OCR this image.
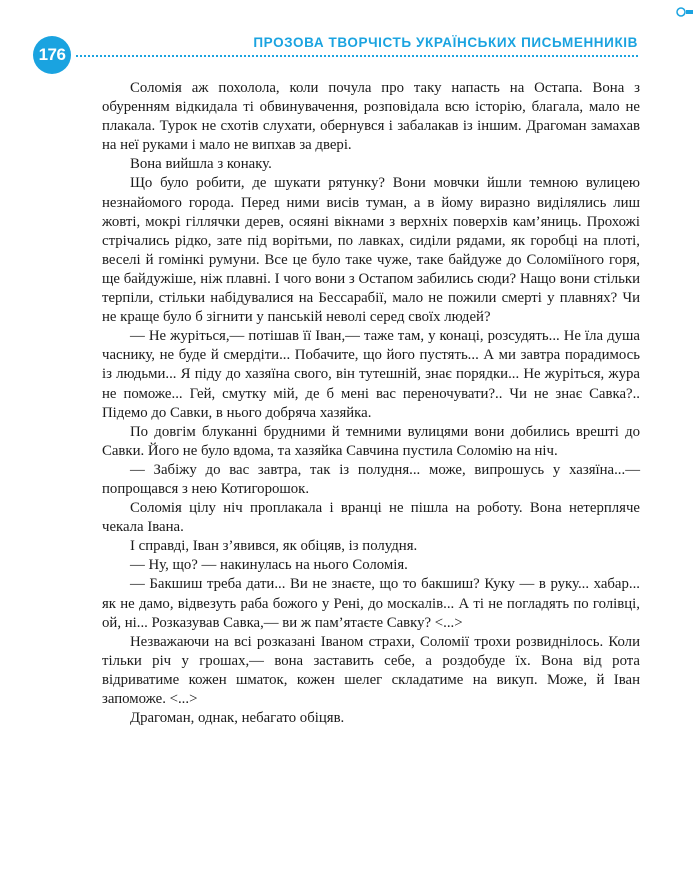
176
ПРОЗОВА ТВОРЧІСТЬ УКРАЇНСЬКИХ ПИСЬМЕННИКІВ

Соломія аж похолола, коли почула про таку напасть на Остапа. Вона з обуренням відкидала ті обвинувачення, розповідала всю історію, благала, мало не плакала. Турок не схотів слухати, обернувся і забалакав із іншим. Драгоман замахав на неї руками і мало не випхав за двері.

Вона вийшла з конаку.

Що було робити, де шукати рятунку? Вони мовчки йшли темною вулицею незнайомого города. Перед ними висів туман, а в йому виразно виділялись лиш жовті, мокрі гіллячки дерев, осяяні вікнами з верхніх поверхів кам’яниць. Прохожі стрічались рідко, зате під ворітьми, по лавках, сиділи рядами, як горобці на плоті, веселі й гомінкі румуни. Все це було таке чуже, таке байдуже до Соломіїного горя, ще байдужіше, ніж плавні. І чого вони з Остапом забились сюди? Нащо вони стільки терпіли, стільки набідувалися на Бессарабії, мало не пожили смерті у плавнях? Чи не краще було б зігнити у панській неволі серед своїх людей?

— Не журіться,— потішав її Іван,— таже там, у конаці, розсудять... Не їла душа часнику, не буде й смердіти... Побачите, що його пустять... А ми завтра порадимось із людьми... Я піду до хазяїна свого, він тутешній, знає порядки... Не журіться, жура не поможе... Гей, смутку мій, де б мені вас переночувати?.. Чи не знає Савка?.. Підемо до Савки, в нього добряча хазяйка.

По довгім блуканні брудними й темними вулицями вони добились врешті до Савки. Його не було вдома, та хазяйка Савчина пустила Соломію на ніч.

— Забіжу до вас завтра, так із полудня... може, випрошусь у хазяїна...— попрощався з нею Котигорошок.

Соломія цілу ніч проплакала і вранці не пішла на роботу. Вона нетерпляче чекала Івана.

І справді, Іван з’явився, як обіцяв, із полудня.

— Ну, що? — накинулась на нього Соломія.

— Бакшиш треба дати... Ви не знаєте, що то бакшиш? Куку — в руку... хабар... як не дамо, відвезуть раба божого у Рені, до москалів... А ті не погладять по голівці, ой, ні... Розказував Савка,— ви ж пам’ятаєте Савку? <...>

Незважаючи на всі розказані Іваном страхи, Соломії трохи розвиднілось. Коли тільки річ у грошах,— вона заставить себе, а роздобуде їх. Вона від рота відриватиме кожен шматок, кожен шелег складатиме на викуп. Може, й Іван запоможе. <...>

Драгоман, однак, небагато обіцяв.
